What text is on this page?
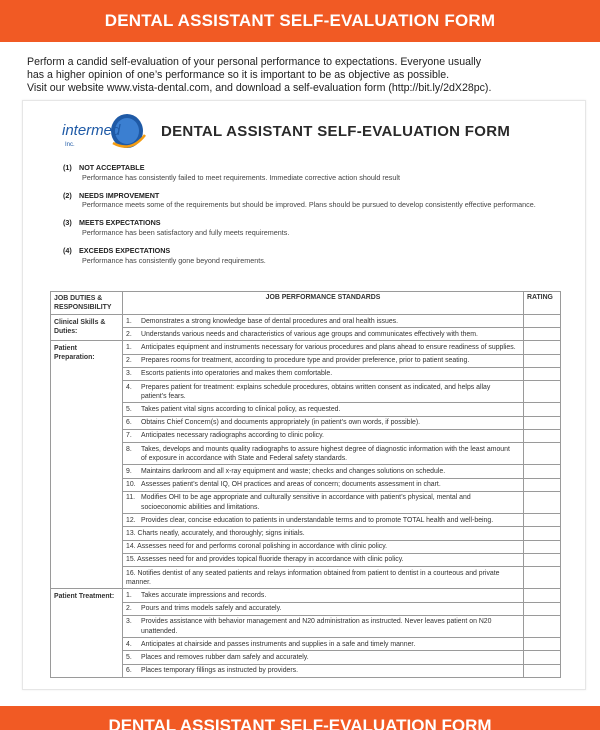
DENTAL ASSISTANT SELF-EVALUATION FORM

Perform a candid self-evaluation of your personal performance to expectations. Everyone usually

has a higher opinion of one’s performance so it is important to be as objective as possible.

Visit our website www.vista-dental.com, and download a self-evaluation form (http://bit.ly/2dX28pc).

intermed
Inc.
DENTAL ASSISTANT SELF-EVALUATION FORM
(1) NOT ACCEPTABLE
Performance has consistently failed to meet requirements. Immediate corrective action should result
(2) NEEDS IMPROVEMENT
Performance meets some of the requirements but should be improved. Plans should be pursued to develop consistently effective performance.
(3) MEETS EXPECTATIONS
Performance has been satisfactory and fully meets requirements.
(4) EXCEEDS EXPECTATIONS
Performance has consistently gone beyond requirements.
JOB DUTIES & RESPONSIBILITY	JOB PERFORMANCE STANDARDS	RATING
Clinical Skills & Duties:	1. Demonstrates a strong knowledge base of dental procedures and oral health issues.	
	2. Understands various needs and characteristics of various age groups and communicates effectively with them.	
Patient Preparation:	1. Anticipates equipment and instruments necessary for various procedures and plans ahead to ensure readiness of supplies.	
	2. Prepares rooms for treatment, according to procedure type and provider preference, prior to patient seating.	
	3. Escorts patients into operatories and makes them comfortable.	
	4. Prepares patient for treatment: explains schedule procedures, obtains written consent as indicated, and helps allay patient’s fears.	
	5. Takes patient vital signs according to clinical policy, as requested.	
	6. Obtains Chief Concern(s) and documents appropriately (in patient’s own words, if possible).	
	7. Anticipates necessary radiographs according to clinic policy.	
	8. Takes, develops and mounts quality radiographs to assure highest degree of diagnostic information with the least amount of exposure in accordance with State and Federal safety standards.	
	9. Maintains darkroom and all x-ray equipment and waste; checks and changes solutions on schedule.	
	10. Assesses patient’s dental IQ, OH practices and areas of concern; documents assessment in chart.	
	11. Modifies OHI to be age appropriate and culturally sensitive in accordance with patient’s physical, mental and socioeconomic abilities and limitations.	
	12. Provides clear, concise education to patients in understandable terms and to promote TOTAL health and well-being.	
	13. Charts neatly, accurately, and thoroughly; signs initials.	
	14. Assesses need for and performs coronal polishing in accordance with clinic policy.	
	15. Assesses need for and provides topical fluoride therapy in accordance with clinic policy.	
	16. Notifies dentist of any seated patients and relays information obtained from patient to dentist in a courteous and private manner.	
Patient Treatment:	1. Takes accurate impressions and records.	
	2. Pours and trims models safely and accurately.	
	3. Provides assistance with behavior management and N20 administration as instructed. Never leaves patient on N20 unattended.	
	4. Anticipates at chairside and passes instruments and supplies in a safe and timely manner.	
	5. Places and removes rubber dam safely and accurately.	
	6. Places temporary fillings as instructed by providers.	
DENTAL ASSISTANT SELF-EVALUATION FORM
